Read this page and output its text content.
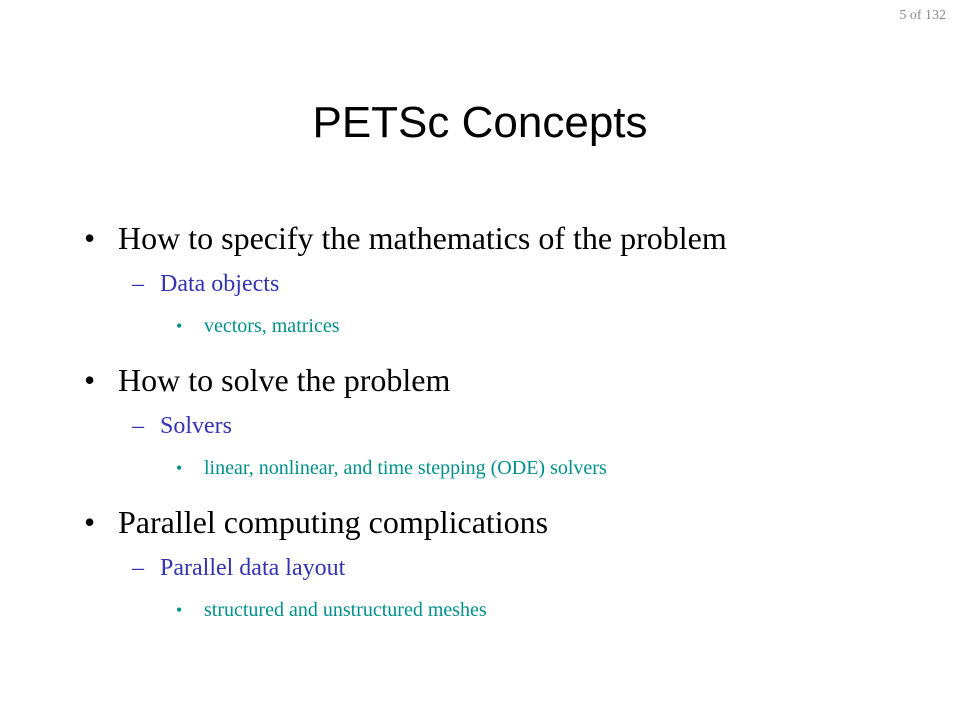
5 of 132
PETSc Concepts
• How to specify the mathematics of the problem
– Data objects
• vectors, matrices
• How to solve the problem
– Solvers
• linear, nonlinear, and time stepping (ODE) solvers
• Parallel computing complications
– Parallel data layout
• structured and unstructured meshes
